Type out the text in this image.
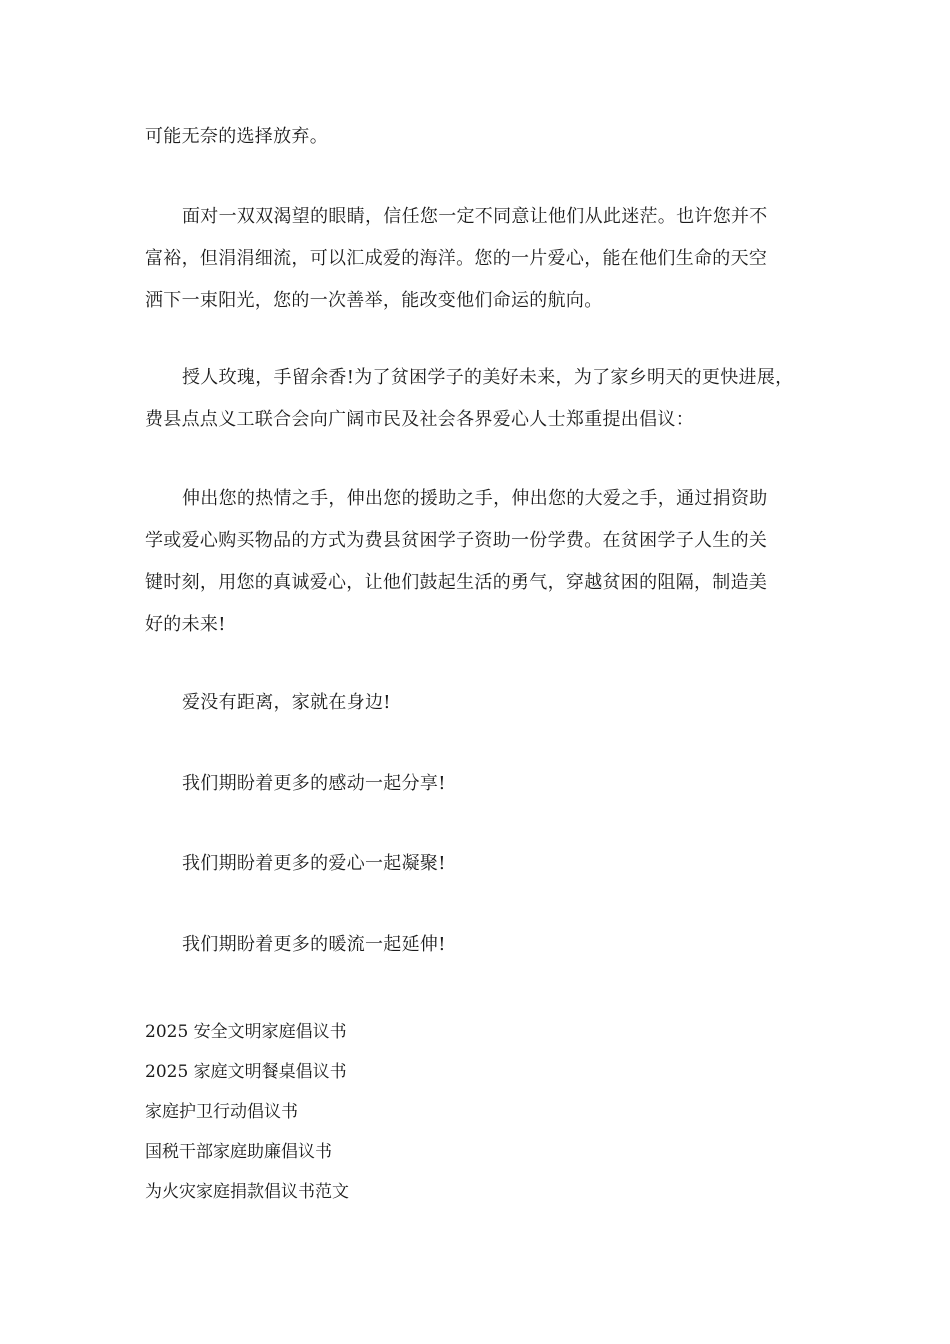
可能无奈的选择放弃。

面对一双双渴望的眼睛，信任您一定不同意让他们从此迷茫。也许您并不
富裕，但涓涓细流，可以汇成爱的海洋。您的一片爱心，能在他们生命的天空
洒下一束阳光，您的一次善举，能改变他们命运的航向。

授人玫瑰，手留余香!为了贫困学子的美好未来，为了家乡明天的更快进展，
费县点点义工联合会向广阔市民及社会各界爱心人士郑重提出倡议：

伸出您的热情之手，伸出您的援助之手，伸出您的大爱之手，通过捐资助
学或爱心购买物品的方式为费县贫困学子资助一份学费。在贫困学子人生的关
键时刻，用您的真诚爱心，让他们鼓起生活的勇气，穿越贫困的阻隔，制造美
好的未来!

爱没有距离，家就在身边!

我们期盼着更多的感动一起分享!

我们期盼着更多的爱心一起凝聚!

我们期盼着更多的暖流一起延伸!

2025 安全文明家庭倡议书
2025 家庭文明餐桌倡议书
家庭护卫行动倡议书
国税干部家庭助廉倡议书
为火灾家庭捐款倡议书范文
